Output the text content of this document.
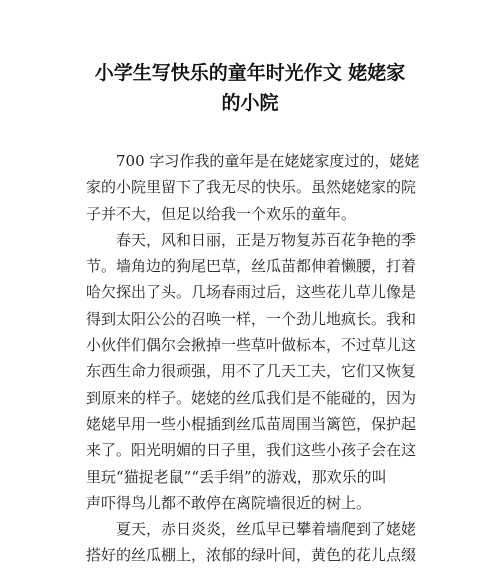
小学生写快乐的童年时光作文 姥姥家
的小院

700 字习作我的童年是在姥姥家度过的，姥姥
家的小院里留下了我无尽的快乐。虽然姥姥家的院
子并不大，但足以给我一个欢乐的童年。

春天，风和日丽，正是万物复苏百花争艳的季
节。墙角边的狗尾巴草，丝瓜苗都伸着懒腰，打着
哈欠探出了头。几场春雨过后，这些花儿草儿像是
得到太阳公公的召唤一样，一个劲儿地疯长。我和
小伙伴们偶尔会揪掉一些草叶做标本，不过草儿这
东西生命力很顽强，用不了几天工夫，它们又恢复
到原来的样子。姥姥的丝瓜我们是不能碰的，因为
姥姥早用一些小棍插到丝瓜苗周围当篱笆，保护起
来了。阳光明媚的日子里，我们这些小孩子会在这
里玩“猫捉老鼠”“丢手绢”的游戏，那欢乐的叫
声吓得鸟儿都不敢停在离院墙很近的树上。

夏天，赤日炎炎，丝瓜早已攀着墙爬到了姥姥
搭好的丝瓜棚上，浓郁的绿叶间，黄色的花儿点缀
